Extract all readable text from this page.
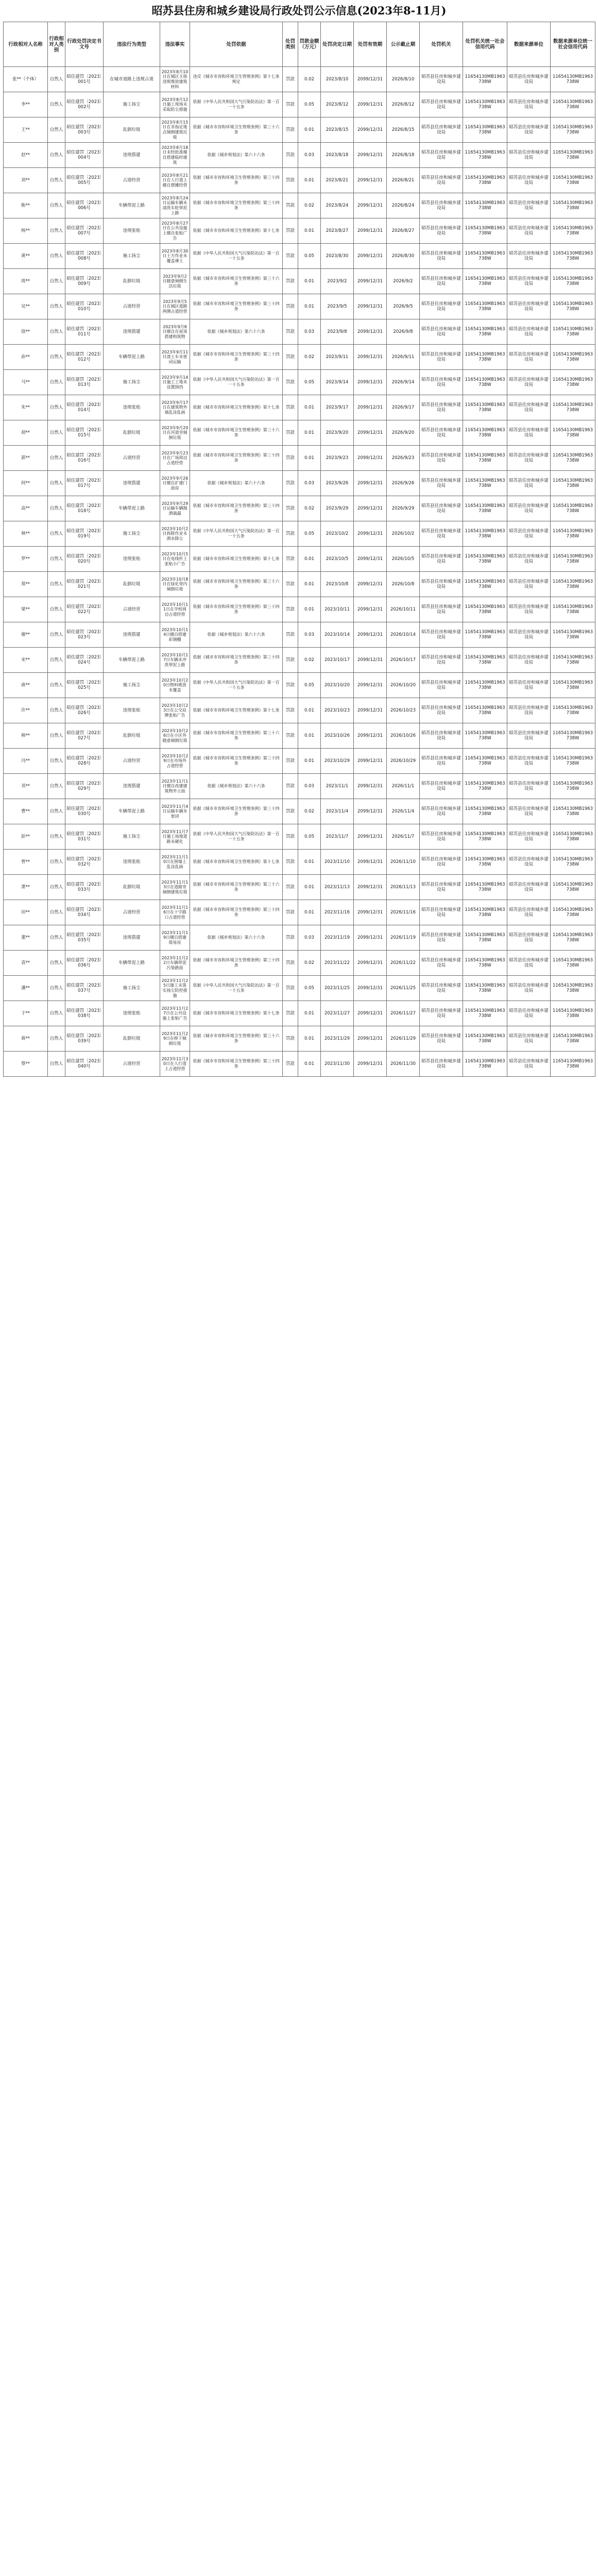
昭苏县住房和城乡建设局行政处罚公示信息(2023年8-11月)
行政相对人名称	行政相对人类别	行政处罚决定书文号	违法行为类型	违法事实	处罚依据	处罚类别	罚款金额（万元）	处罚决定日期	处罚有效期	公示截止期	处罚机关	处罚机关统一社会信用代码	数据来源单位	数据来源单位统一社会信用代码
张**（个体）	自然人	昭住建罚〔2023〕001号	在城市道路上违规占道	2023年8月10日在城区主街违规堆放建筑材料	违反《城市市容和环境卫生管理条例》第十七条规定	罚款	0.02	2023/8/10	2099/12/31	2026/8/10	昭苏县住房和城乡建设局	11654130MB1963738W	昭苏县住房和城乡建设局	11654130MB1963738W
李**	自然人	昭住建罚〔2023〕002号	施工扬尘	2023年8月12日施工现场未采取防尘措施	依据《中华人民共和国大气污染防治法》第一百一十五条	罚款	0.05	2023/8/12	2099/12/31	2026/8/12	昭苏县住房和城乡建设局	11654130MB1963738W	昭苏县住房和城乡建设局	11654130MB1963738W
王**	自然人	昭住建罚〔2023〕003号	乱倒垃圾	2023年8月15日在非指定地点倾倒建筑垃圾	依据《城市市容和环境卫生管理条例》第三十六条	罚款	0.01	2023/8/15	2099/12/31	2026/8/15	昭苏县住房和城乡建设局	11654130MB1963738W	昭苏县住房和城乡建设局	11654130MB1963738W
赵**	自然人	昭住建罚〔2023〕004号	违规搭建	2023年8月18日未经批准擅自搭建临时建筑	依据《城乡规划法》第六十六条	罚款	0.03	2023/8/18	2099/12/31	2026/8/18	昭苏县住房和城乡建设局	11654130MB1963738W	昭苏县住房和城乡建设局	11654130MB1963738W
刘**	自然人	昭住建罚〔2023〕005号	占道经营	2023年8月21日在人行道上擅自摆摊经营	依据《城市市容和环境卫生管理条例》第三十四条	罚款	0.01	2023/8/21	2099/12/31	2026/8/21	昭苏县住房和城乡建设局	11654130MB1963738W	昭苏县住房和城乡建设局	11654130MB1963738W
陈**	自然人	昭住建罚〔2023〕006号	车辆带泥上路	2023年8月24日运输车辆未清洗车轮带泥上路	依据《城市市容和环境卫生管理条例》第三十四条	罚款	0.02	2023/8/24	2099/12/31	2026/8/24	昭苏县住房和城乡建设局	11654130MB1963738W	昭苏县住房和城乡建设局	11654130MB1963738W
杨**	自然人	昭住建罚〔2023〕007号	违规张贴	2023年8月27日在公共设施上擅自张贴广告	依据《城市市容和环境卫生管理条例》第十七条	罚款	0.01	2023/8/27	2099/12/31	2026/8/27	昭苏县住房和城乡建设局	11654130MB1963738W	昭苏县住房和城乡建设局	11654130MB1963738W
黄**	自然人	昭住建罚〔2023〕008号	施工扬尘	2023年8月30日土方作业未覆盖裸土	依据《中华人民共和国大气污染防治法》第一百一十五条	罚款	0.05	2023/8/30	2099/12/31	2026/8/30	昭苏县住房和城乡建设局	11654130MB1963738W	昭苏县住房和城乡建设局	11654130MB1963738W
周**	自然人	昭住建罚〔2023〕009号	乱倒垃圾	2023年9月2日随意倾倒生活垃圾	依据《城市市容和环境卫生管理条例》第三十六条	罚款	0.01	2023/9/2	2099/12/31	2026/9/2	昭苏县住房和城乡建设局	11654130MB1963738W	昭苏县住房和城乡建设局	11654130MB1963738W
吴**	自然人	昭住建罚〔2023〕010号	占道经营	2023年9月5日在城区道路两侧占道经营	依据《城市市容和环境卫生管理条例》第三十四条	罚款	0.01	2023/9/5	2099/12/31	2026/9/5	昭苏县住房和城乡建设局	11654130MB1963738W	昭苏县住房和城乡建设局	11654130MB1963738W
徐**	自然人	昭住建罚〔2023〕011号	违规搭建	2023年9月8日擅自在屋顶搭建构筑物	依据《城乡规划法》第六十六条	罚款	0.03	2023/9/8	2099/12/31	2026/9/8	昭苏县住房和城乡建设局	11654130MB1963738W	昭苏县住房和城乡建设局	11654130MB1963738W
孙**	自然人	昭住建罚〔2023〕012号	车辆带泥上路	2023年9月11日渣土车未密闭运输	依据《城市市容和环境卫生管理条例》第三十四条	罚款	0.02	2023/9/11	2099/12/31	2026/9/11	昭苏县住房和城乡建设局	11654130MB1963738W	昭苏县住房和城乡建设局	11654130MB1963738W
马**	自然人	昭住建罚〔2023〕013号	施工扬尘	2023年9月14日施工工地未设置围挡	依据《中华人民共和国大气污染防治法》第一百一十五条	罚款	0.05	2023/9/14	2099/12/31	2026/9/14	昭苏县住房和城乡建设局	11654130MB1963738W	昭苏县住房和城乡建设局	11654130MB1963738W
朱**	自然人	昭住建罚〔2023〕014号	违规张贴	2023年9月17日在建筑物外墙乱涂乱画	依据《城市市容和环境卫生管理条例》第十七条	罚款	0.01	2023/9/17	2099/12/31	2026/9/17	昭苏县住房和城乡建设局	11654130MB1963738W	昭苏县住房和城乡建设局	11654130MB1963738W
胡**	自然人	昭住建罚〔2023〕015号	乱倒垃圾	2023年9月20日在河道旁倾倒垃圾	依据《城市市容和环境卫生管理条例》第三十六条	罚款	0.01	2023/9/20	2099/12/31	2026/9/20	昭苏县住房和城乡建设局	11654130MB1963738W	昭苏县住房和城乡建设局	11654130MB1963738W
郭**	自然人	昭住建罚〔2023〕016号	占道经营	2023年9月23日在广场周边占道经营	依据《城市市容和环境卫生管理条例》第三十四条	罚款	0.01	2023/9/23	2099/12/31	2026/9/23	昭苏县住房和城乡建设局	11654130MB1963738W	昭苏县住房和城乡建设局	11654130MB1963738W
何**	自然人	昭住建罚〔2023〕017号	违规搭建	2023年9月26日擅自扩建门面房	依据《城乡规划法》第六十六条	罚款	0.03	2023/9/26	2099/12/31	2026/9/26	昭苏县住房和城乡建设局	11654130MB1963738W	昭苏县住房和城乡建设局	11654130MB1963738W
高**	自然人	昭住建罚〔2023〕018号	车辆带泥上路	2023年9月29日运输车辆抛洒滴漏	依据《城市市容和环境卫生管理条例》第三十四条	罚款	0.02	2023/9/29	2099/12/31	2026/9/29	昭苏县住房和城乡建设局	11654130MB1963738W	昭苏县住房和城乡建设局	11654130MB1963738W
林**	自然人	昭住建罚〔2023〕019号	施工扬尘	2023年10月2日拆除作业未洒水降尘	依据《中华人民共和国大气污染防治法》第一百一十五条	罚款	0.05	2023/10/2	2099/12/31	2026/10/2	昭苏县住房和城乡建设局	11654130MB1963738W	昭苏县住房和城乡建设局	11654130MB1963738W
罗**	自然人	昭住建罚〔2023〕020号	违规张贴	2023年10月5日在电线杆上张贴小广告	依据《城市市容和环境卫生管理条例》第十七条	罚款	0.01	2023/10/5	2099/12/31	2026/10/5	昭苏县住房和城乡建设局	11654130MB1963738W	昭苏县住房和城乡建设局	11654130MB1963738W
郑**	自然人	昭住建罚〔2023〕021号	乱倒垃圾	2023年10月8日在绿化带内倾倒垃圾	依据《城市市容和环境卫生管理条例》第三十六条	罚款	0.01	2023/10/8	2099/12/31	2026/10/8	昭苏县住房和城乡建设局	11654130MB1963738W	昭苏县住房和城乡建设局	11654130MB1963738W
梁**	自然人	昭住建罚〔2023〕022号	占道经营	2023年10月11日在学校周边占道经营	依据《城市市容和环境卫生管理条例》第三十四条	罚款	0.01	2023/10/11	2099/12/31	2026/10/11	昭苏县住房和城乡建设局	11654130MB1963738W	昭苏县住房和城乡建设局	11654130MB1963738W
谢**	自然人	昭住建罚〔2023〕023号	违规搭建	2023年10月14日擅自搭建彩钢棚	依据《城乡规划法》第六十六条	罚款	0.03	2023/10/14	2099/12/31	2026/10/14	昭苏县住房和城乡建设局	11654130MB1963738W	昭苏县住房和城乡建设局	11654130MB1963738W
宋**	自然人	昭住建罚〔2023〕024号	车辆带泥上路	2023年10月17日车辆未冲洗带泥上路	依据《城市市容和环境卫生管理条例》第三十四条	罚款	0.02	2023/10/17	2099/12/31	2026/10/17	昭苏县住房和城乡建设局	11654130MB1963738W	昭苏县住房和城乡建设局	11654130MB1963738W
唐**	自然人	昭住建罚〔2023〕025号	施工扬尘	2023年10月20日物料堆放未覆盖	依据《中华人民共和国大气污染防治法》第一百一十五条	罚款	0.05	2023/10/20	2099/12/31	2026/10/20	昭苏县住房和城乡建设局	11654130MB1963738W	昭苏县住房和城乡建设局	11654130MB1963738W
许**	自然人	昭住建罚〔2023〕026号	违规张贴	2023年10月23日在公交站牌张贴广告	依据《城市市容和环境卫生管理条例》第十七条	罚款	0.01	2023/10/23	2099/12/31	2026/10/23	昭苏县住房和城乡建设局	11654130MB1963738W	昭苏县住房和城乡建设局	11654130MB1963738W
韩**	自然人	昭住建罚〔2023〕027号	乱倒垃圾	2023年10月26日在小区外随意倾倒垃圾	依据《城市市容和环境卫生管理条例》第三十六条	罚款	0.01	2023/10/26	2099/12/31	2026/10/26	昭苏县住房和城乡建设局	11654130MB1963738W	昭苏县住房和城乡建设局	11654130MB1963738W
冯**	自然人	昭住建罚〔2023〕028号	占道经营	2023年10月29日在市场外占道经营	依据《城市市容和环境卫生管理条例》第三十四条	罚款	0.01	2023/10/29	2099/12/31	2026/10/29	昭苏县住房和城乡建设局	11654130MB1963738W	昭苏县住房和城乡建设局	11654130MB1963738W
邓**	自然人	昭住建罚〔2023〕029号	违规搭建	2023年11月1日擅自改建建筑物外立面	依据《城乡规划法》第六十六条	罚款	0.03	2023/11/1	2099/12/31	2026/11/1	昭苏县住房和城乡建设局	11654130MB1963738W	昭苏县住房和城乡建设局	11654130MB1963738W
曹**	自然人	昭住建罚〔2023〕030号	车辆带泥上路	2023年11月4日运输车辆未密闭	依据《城市市容和环境卫生管理条例》第三十四条	罚款	0.02	2023/11/4	2099/12/31	2026/11/4	昭苏县住房和城乡建设局	11654130MB1963738W	昭苏县住房和城乡建设局	11654130MB1963738W
彭**	自然人	昭住建罚〔2023〕031号	施工扬尘	2023年11月7日施工场地道路未硬化	依据《中华人民共和国大气污染防治法》第一百一十五条	罚款	0.05	2023/11/7	2099/12/31	2026/11/7	昭苏县住房和城乡建设局	11654130MB1963738W	昭苏县住房和城乡建设局	11654130MB1963738W
曾**	自然人	昭住建罚〔2023〕032号	违规张贴	2023年11月10日在围墙上乱涂乱画	依据《城市市容和环境卫生管理条例》第十七条	罚款	0.01	2023/11/10	2099/12/31	2026/11/10	昭苏县住房和城乡建设局	11654130MB1963738W	昭苏县住房和城乡建设局	11654130MB1963738W
萧**	自然人	昭住建罚〔2023〕033号	乱倒垃圾	2023年11月13日在道路旁倾倒建筑垃圾	依据《城市市容和环境卫生管理条例》第三十六条	罚款	0.01	2023/11/13	2099/12/31	2026/11/13	昭苏县住房和城乡建设局	11654130MB1963738W	昭苏县住房和城乡建设局	11654130MB1963738W
田**	自然人	昭住建罚〔2023〕034号	占道经营	2023年11月16日在十字路口占道经营	依据《城市市容和环境卫生管理条例》第三十四条	罚款	0.01	2023/11/16	2099/12/31	2026/11/16	昭苏县住房和城乡建设局	11654130MB1963738W	昭苏县住房和城乡建设局	11654130MB1963738W
董**	自然人	昭住建罚〔2023〕035号	违规搭建	2023年11月19日擅自搭建简易房	依据《城乡规划法》第六十六条	罚款	0.03	2023/11/19	2099/12/31	2026/11/19	昭苏县住房和城乡建设局	11654130MB1963738W	昭苏县住房和城乡建设局	11654130MB1963738W
袁**	自然人	昭住建罚〔2023〕036号	车辆带泥上路	2023年11月22日车辆带泥污染路面	依据《城市市容和环境卫生管理条例》第三十四条	罚款	0.02	2023/11/22	2099/12/31	2026/11/22	昭苏县住房和城乡建设局	11654130MB1963738W	昭苏县住房和城乡建设局	11654130MB1963738W
潘**	自然人	昭住建罚〔2023〕037号	施工扬尘	2023年11月25日施工未落实扬尘防控措施	依据《中华人民共和国大气污染防治法》第一百一十五条	罚款	0.05	2023/11/25	2099/12/31	2026/11/25	昭苏县住房和城乡建设局	11654130MB1963738W	昭苏县住房和城乡建设局	11654130MB1963738W
于**	自然人	昭住建罚〔2023〕038号	违规张贴	2023年11月27日在公共设施上张贴广告	依据《城市市容和环境卫生管理条例》第十七条	罚款	0.01	2023/11/27	2099/12/31	2026/11/27	昭苏县住房和城乡建设局	11654130MB1963738W	昭苏县住房和城乡建设局	11654130MB1963738W
蒋**	自然人	昭住建罚〔2023〕039号	乱倒垃圾	2023年11月29日在桥下倾倒垃圾	依据《城市市容和环境卫生管理条例》第三十六条	罚款	0.01	2023/11/29	2099/12/31	2026/11/29	昭苏县住房和城乡建设局	11654130MB1963738W	昭苏县住房和城乡建设局	11654130MB1963738W
蔡**	自然人	昭住建罚〔2023〕040号	占道经营	2023年11月30日在人行道上占道经营	依据《城市市容和环境卫生管理条例》第三十四条	罚款	0.01	2023/11/30	2099/12/31	2026/11/30	昭苏县住房和城乡建设局	11654130MB1963738W	昭苏县住房和城乡建设局	11654130MB1963738W
